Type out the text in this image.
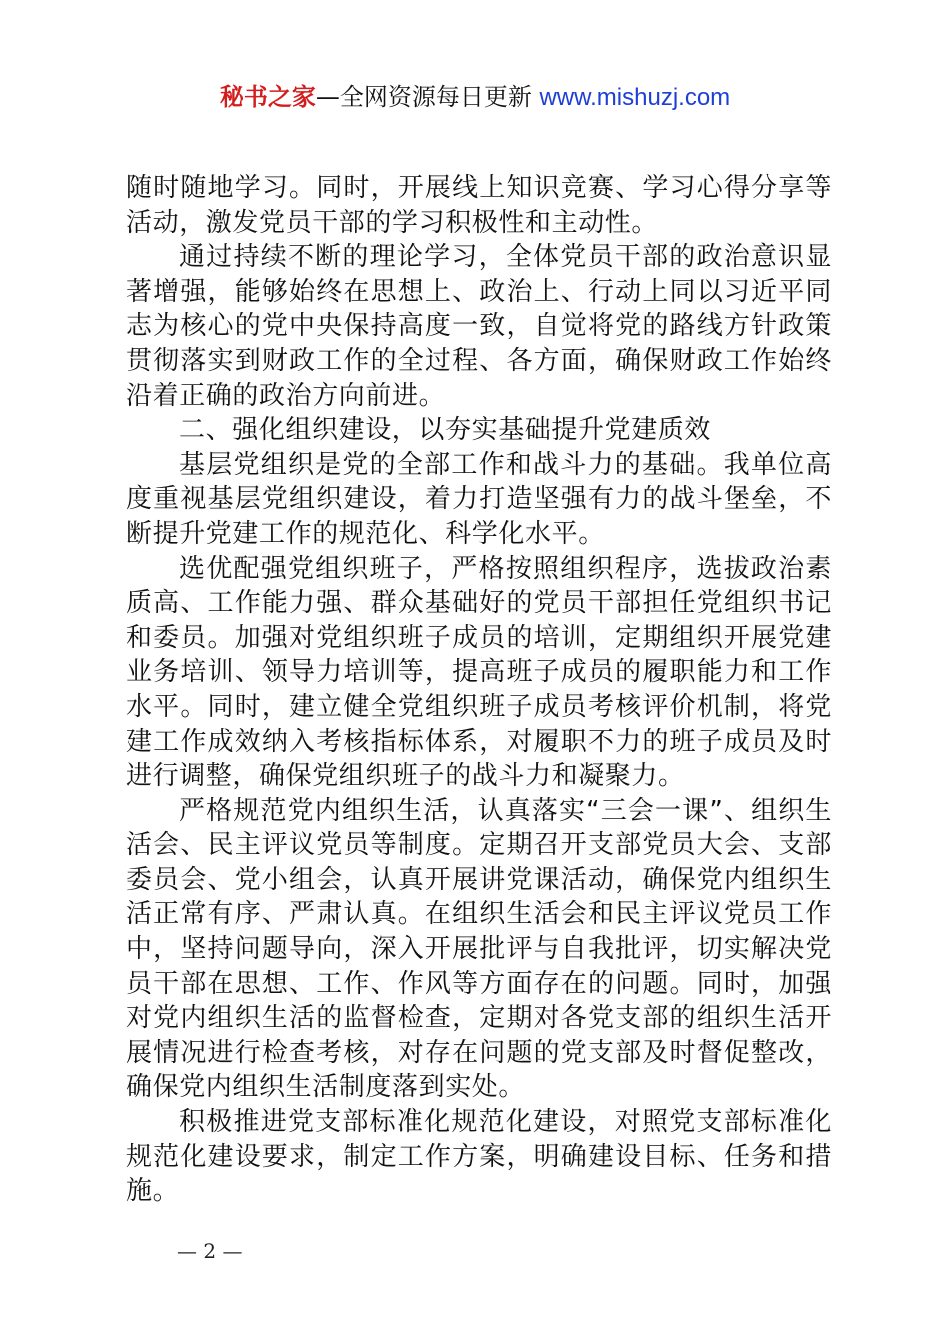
秘书之家—全网资源每日更新 www.mishuzj.com

随时随地学习。同时，开展线上知识竞赛、学习心得分享等活动，激发党员干部的学习积极性和主动性。

通过持续不断的理论学习，全体党员干部的政治意识显著增强，能够始终在思想上、政治上、行动上同以习近平同志为核心的党中央保持高度一致，自觉将党的路线方针政策贯彻落实到财政工作的全过程、各方面，确保财政工作始终沿着正确的政治方向前进。

二、强化组织建设，以夯实基础提升党建质效

基层党组织是党的全部工作和战斗力的基础。我单位高度重视基层党组织建设，着力打造坚强有力的战斗堡垒，不断提升党建工作的规范化、科学化水平。

选优配强党组织班子，严格按照组织程序，选拔政治素质高、工作能力强、群众基础好的党员干部担任党组织书记和委员。加强对党组织班子成员的培训，定期组织开展党建业务培训、领导力培训等，提高班子成员的履职能力和工作水平。同时，建立健全党组织班子成员考核评价机制，将党建工作成效纳入考核指标体系，对履职不力的班子成员及时进行调整，确保党组织班子的战斗力和凝聚力。

严格规范党内组织生活，认真落实“三会一课”、组织生活会、民主评议党员等制度。定期召开支部党员大会、支部委员会、党小组会，认真开展讲党课活动，确保党内组织生活正常有序、严肃认真。在组织生活会和民主评议党员工作中，坚持问题导向，深入开展批评与自我批评，切实解决党员干部在思想、工作、作风等方面存在的问题。同时，加强对党内组织生活的监督检查，定期对各党支部的组织生活开展情况进行检查考核，对存在问题的党支部及时督促整改，确保党内组织生活制度落到实处。

积极推进党支部标准化规范化建设，对照党支部标准化规范化建设要求，制定工作方案，明确建设目标、任务和措施。

— 2 —
